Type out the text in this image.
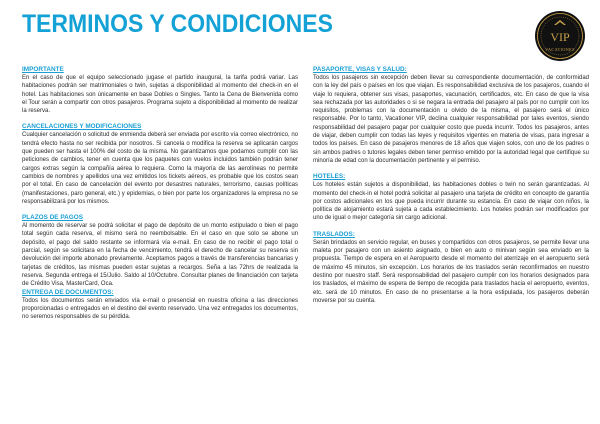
TERMINOS Y CONDICIONES	VIP
VACATIONES
IMPORTANTE
En el caso de que el equipo seleccionado jugase el partido inaugural, la tarifa podrá variar. Las habitaciones podrán ser matrimoniales o twin, sujetas a disponibilidad al momento del check-in en el hotel. Las habitaciones son únicamente en base Dobles o Singles. Tanto la Cena de Bienvenida como el Tour serán a compartir con otros pasajeros. Programa sujeto a disponibilidad al momento de realizar la reserva.
CANCELACIONES Y MODIFICACIONES
Cualquier cancelación o solicitud de enmienda deberá ser enviada por escrito vía correo electrónico, no tendrá efecto hasta no ser recibida por nosotros. Si cancela o modifica la reserva se aplicarán cargos que pueden ser hasta el 100% del costo de la misma. No garantizamos que podamos cumplir con las peticiones de cambios, tener en cuenta que los paquetes con vuelos incluidos también podrán tener cargos extras según la compañía aérea lo requiera. Como la mayoría de las aerolíneas no permite cambios de nombres y apellidos una vez emitidos los tickets aéreos, es probable que los costos sean por el total. En caso de cancelación del evento por desastres naturales, terrorismo, causas políticas (manifestaciones, paro general, etc.) y epidemias, o bien por parte los organizadores la empresa no se responsabilizará por los mismos.
PLAZOS DE PAGOS
Al momento de reservar se podrá solicitar el pago de depósito de un monto estipulado o bien el pago total según cada reserva, el mismo será no reembolsable. En el caso en que solo se abone un depósito, el pago del saldo restante se informará vía e-mail. En caso de no recibir el pago total o parcial, según se solicitara en la fecha de vencimiento, tendrá el derecho de cancelar su reserva sin devolución del importe abonado previamente. Aceptamos pagos a través de transferencias bancarias y tarjetas de créditos, las mismas pueden estar sujetas a recargos. Seña a las 72hrs de realizada la reserva. Segunda entrega el 15/Julio. Saldo al 10/Octubre. Consultar planes de financiación con tarjeta de Crédito Visa, MasterCard, Oca.
ENTREGA DE DOCUMENTOS:
Todos los documentos serán enviados vía e-mail o presencial en nuestra oficina a las direcciones proporcionadas o entregados en el destino del evento reservado. Una vez entregados los documentos, no seremos responsables de su pérdida.
PASAPORTE, VISAS Y SALUD:
Todos los pasajeros sin excepción deben llevar su correspondiente documentación, de conformidad con la ley del país o países en los que viajan. Es responsabilidad exclusiva de los pasajeros, cuando el viaje lo requiera, obtener sus visas, pasaportes, vacunación, certificados, etc. En caso de que la visa sea rechazada por las autoridades o si se negara la entrada del pasajero al país por no cumplir con los requisitos, problemas con la documentación u olvido de la misma, el pasajero será el único responsable. Por lo tanto, Vacationer VIP, declina cualquier responsabilidad por tales eventos, siendo responsabilidad del pasajero pagar por cualquier costo que pueda incurrir. Todos los pasajeros, antes de viajar, deben cumplir con todas las leyes y requisitos vigentes en materia de visas, para ingresar a todos los países. En caso de pasajeros menores de 18 años que viajen solos, con uno de los padres o sin ambos padres o tutores legales deben tener permiso emitido por la autoridad legal que certifique su minoría de edad con la documentación pertinente y el permiso.
HOTELES:
Los hoteles están sujetos a disponibilidad, las habitaciones dobles o twin no serán garantizadas. Al momento del check-in el hotel podrá solicitar al pasajero una tarjeta de crédito en concepto de garantía por costos adicionales en los que pueda incurrir durante su estancia. En caso de viajar con niños, la política de alojamiento estará sujeta a cada establecimiento. Los hoteles podrán ser modificados por uno de igual o mejor categoría sin cargo adicional.
TRASLADOS:
Serán brindados en servicio regular, en buses y compartidos con otros pasajeros, se permite llevar una maleta por pasajero con un asiento asignado, o bien en auto o minivan según sea enviado en la propuesta. Tiempo de espera en el Aeropuerto desde el momento del aterrizaje en el aeropuerto será de máximo 45 minutos, sin excepción. Los horarios de los traslados serán reconfirmados en nuestro destino por nuestro staff. Será responsabilidad del pasajero cumplir con los horarios designados para los traslados, el máximo de espera de tiempo de recogida para traslados hacia el aeropuerto, eventos, etc. será de 10 minutos. En caso de no presentarse a la hora estipulada, los pasajeros deberán moverse por su cuenta.
